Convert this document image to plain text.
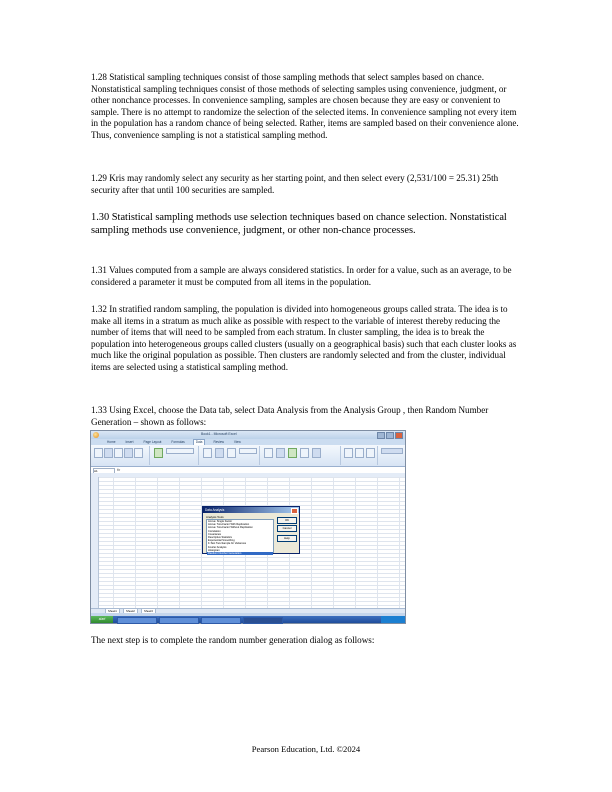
1.28 Statistical sampling techniques consist of those sampling methods that select samples based on chance. Nonstatistical sampling techniques consist of those methods of selecting samples using convenience, judgment, or other nonchance processes. In convenience sampling, samples are chosen because they are easy or convenient to sample. There is no attempt to randomize the selection of the selected items. In convenience sampling not every item in the population has a random chance of being selected. Rather, items are sampled based on their convenience alone. Thus, convenience sampling is not a statistical sampling method.

1.29 Kris may randomly select any security as her starting point, and then select every (2,531/100 = 25.31) 25th security after that until 100 securities are sampled.

1.30 Statistical sampling methods use selection techniques based on chance selection. Nonstatistical sampling methods use convenience, judgment, or other non-chance processes.

1.31 Values computed from a sample are always considered statistics. In order for a value, such as an average, to be considered a parameter it must be computed from all items in the population.

1.32 In stratified random sampling, the population is divided into homogeneous groups called strata. The idea is to make all items in a stratum as much alike as possible with respect to the variable of interest thereby reducing the number of items that will need to be sampled from each stratum. In cluster sampling, the idea is to break the population into heterogeneous groups called clusters (usually on a geographical basis) such that each cluster looks as much like the original population as possible. Then clusters are randomly selected and from the cluster, individual items are selected using a statistical sampling method.

1.33 Using Excel, choose the Data tab, select Data Analysis from the Analysis Group , then Random Number Generation – shown as follows:

Book1 - Microsoft Excel
Home	Insert	Page Layout	Formulas	Data	Review	View
A1	fx
Data Analysis
Analysis Tools
Anova: Single Factor
Anova: Two-Factor With Replication
Anova: Two-Factor Without Replication
Correlation
Covariance
Descriptive Statistics
Exponential Smoothing
F-Test Two-Sample for Variances
Fourier Analysis
Histogram
Random Number Generation
OK
Cancel
Help
Sheet1	Sheet2	Sheet3
start

The next step is to complete the random number generation dialog as follows:

Pearson Education, Ltd. ©2024
